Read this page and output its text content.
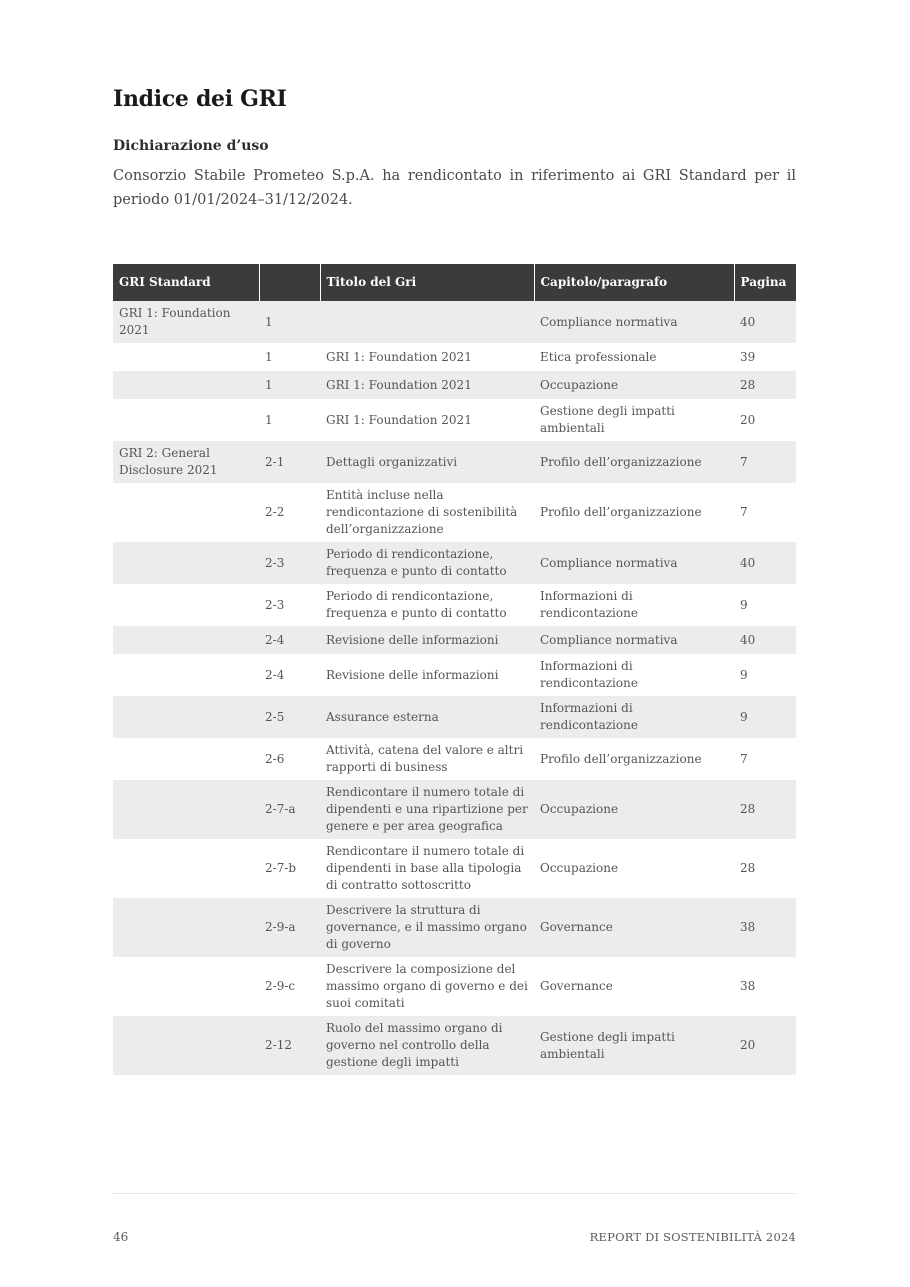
Indice dei GRI
Dichiarazione d’uso

Consorzio Stabile Prometeo S.p.A. ha rendicontato in riferimento ai GRI Standard per il periodo 01/01/2024–31/12/2024.

GRI Standard		Titolo del Gri	Capitolo/paragrafo	Pagina
GRI 1: Foundation 2021	1		Compliance normativa	40
	1	GRI 1: Foundation 2021	Etica professionale	39
	1	GRI 1: Foundation 2021	Occupazione	28
	1	GRI 1: Foundation 2021	Gestione degli impatti ambientali	20
GRI 2: General Disclosure 2021	2-1	Dettagli organizzativi	Profilo dell’organizzazione	7
	2-2	Entità incluse nella rendicontazione di sostenibilità dell’organizzazione	Profilo dell’organizzazione	7
	2-3	Periodo di rendicontazione, frequenza e punto di contatto	Compliance normativa	40
	2-3	Periodo di rendicontazione, frequenza e punto di contatto	Informazioni di rendicontazione	9
	2-4	Revisione delle informazioni	Compliance normativa	40
	2-4	Revisione delle informazioni	Informazioni di rendicontazione	9
	2-5	Assurance esterna	Informazioni di rendicontazione	9
	2-6	Attività, catena del valore e altri rapporti di business	Profilo dell’organizzazione	7
	2-7-a	Rendicontare il numero totale di dipendenti e una ripartizione per genere e per area geografica	Occupazione	28
	2-7-b	Rendicontare il numero totale di dipendenti in base alla tipologia di contratto sottoscritto	Occupazione	28
	2-9-a	Descrivere la struttura di governance, e il massimo organo di governo	Governance	38
	2-9-c	Descrivere la composizione del massimo organo di governo e dei suoi comitati	Governance	38
	2-12	Ruolo del massimo organo di governo nel controllo della gestione degli impatti	Gestione degli impatti ambientali	20
46	REPORT DI SOSTENIBILITÀ 2024
